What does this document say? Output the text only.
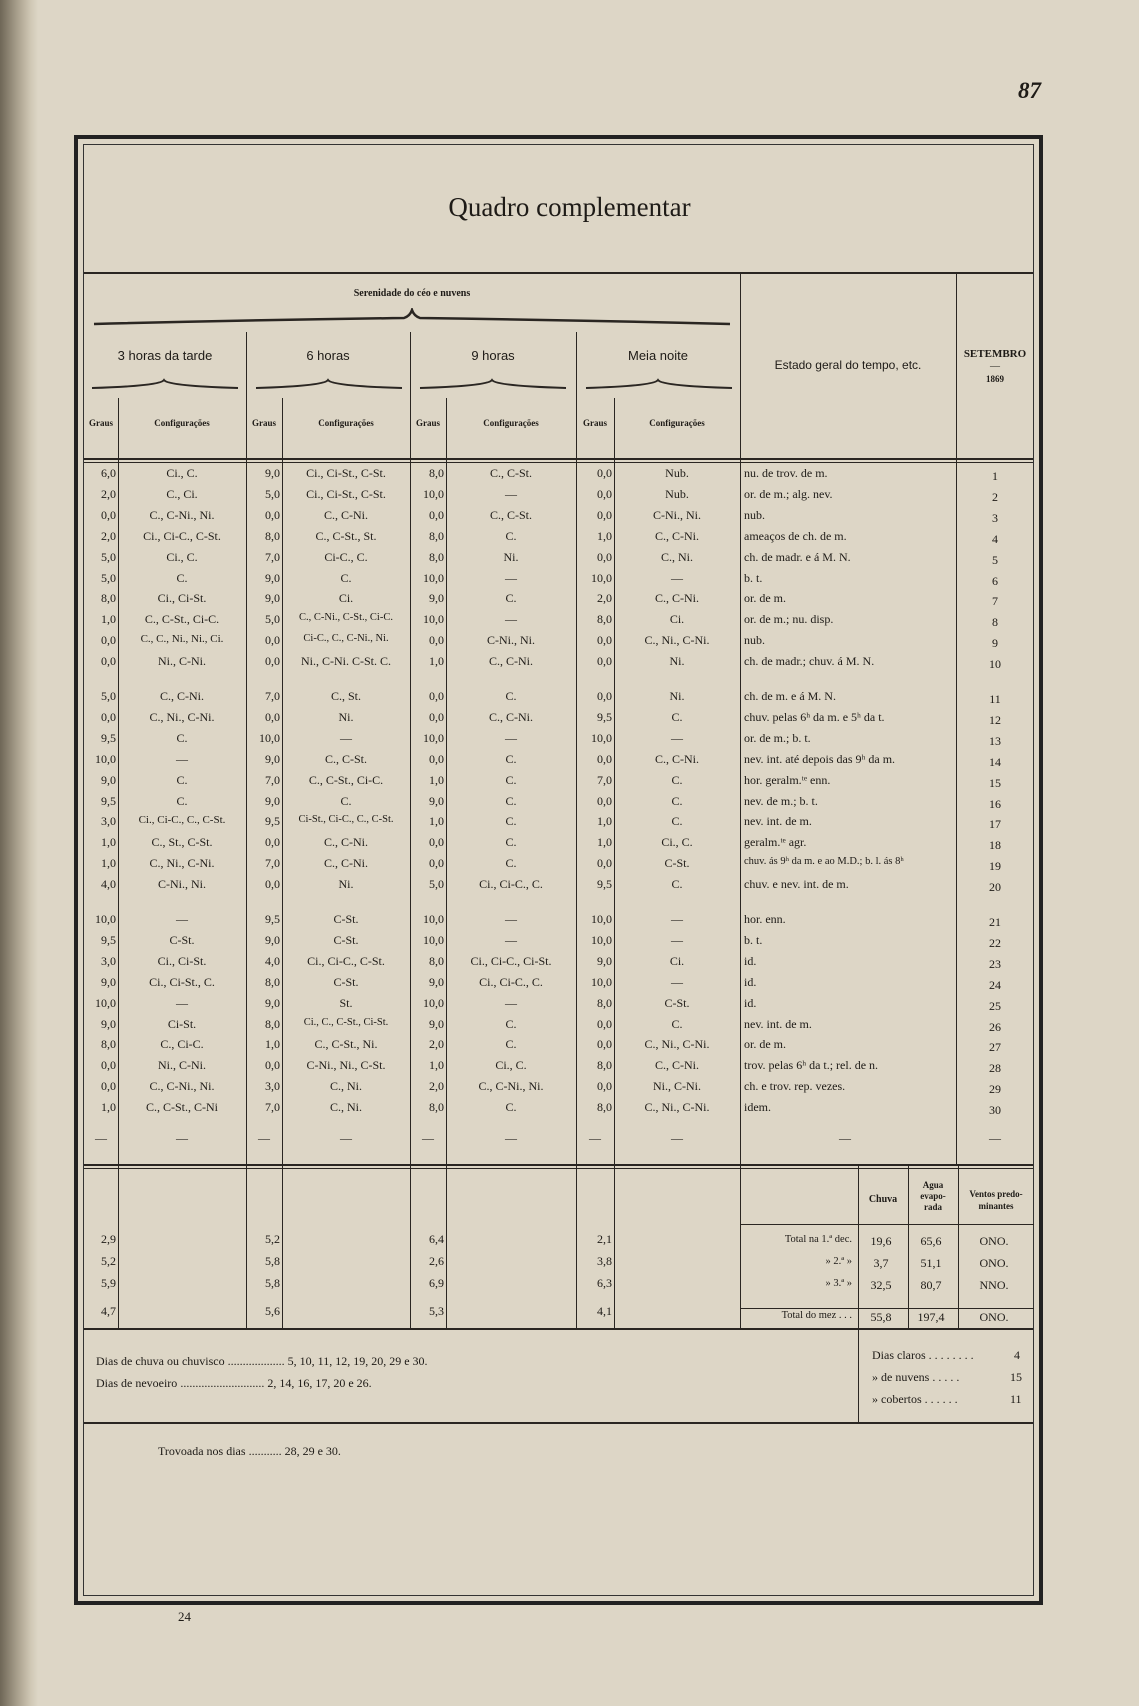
87
Quadro complementar
Serenidade do céo e nuvens
3 horas da tarde	6 horas	9 horas	Meia noite
Estado geral do tempo, etc.
SETEMBRO
—
1869
Graus	Configurações	Graus	Configurações	Graus	Configurações	Graus	Configurações
6,0	Ci., C.	9,0	Ci., Ci-St., C-St.	8,0	C., C-St.	0,0	Nub.	nu. de trov. de m.	1
2,0	C., Ci.	5,0	Ci., Ci-St., C-St.	10,0	—	0,0	Nub.	or. de m.; alg. nev.	2
0,0	C., C-Ni., Ni.	0,0	C., C-Ni.	0,0	C., C-St.	0,0	C-Ni., Ni.	nub.	3
2,0	Ci., Ci-C., C-St.	8,0	C., C-St., St.	8,0	C.	1,0	C., C-Ni.	ameaços de ch. de m.	4
5,0	Ci., C.	7,0	Ci-C., C.	8,0	Ni.	0,0	C., Ni.	ch. de madr. e á M. N.	5
5,0	C.	9,0	C.	10,0	—	10,0	—	b. t.	6
8,0	Ci., Ci-St.	9,0	Ci.	9,0	C.	2,0	C., C-Ni.	or. de m.	7
1,0	C., C-St., Ci-C.	5,0	C., C-Ni., C-St., Ci-C.	10,0	—	8,0	Ci.	or. de m.; nu. disp.	8
0,0	C., C., Ni., Ni., Ci.	0,0	Ci-C., C., C-Ni., Ni.	0,0	C-Ni., Ni.	0,0	C., Ni., C-Ni.	nub.	9
0,0	Ni., C-Ni.	0,0	Ni., C-Ni. C-St. C.	1,0	C., C-Ni.	0,0	Ni.	ch. de madr.; chuv. á M. N.	10
5,0	C., C-Ni.	7,0	C., St.	0,0	C.	0,0	Ni.	ch. de m. e á M. N.	11
0,0	C., Ni., C-Ni.	0,0	Ni.	0,0	C., C-Ni.	9,5	C.	chuv. pelas 6ʰ da m. e 5ʰ da t.	12
9,5	C.	10,0	—	10,0	—	10,0	—	or. de m.; b. t.	13
10,0	—	9,0	C., C-St.	0,0	C.	0,0	C., C-Ni.	nev. int. até depois das 9ʰ da m.	14
9,0	C.	7,0	C., C-St., Ci-C.	1,0	C.	7,0	C.	hor. geralm.ᵗᵉ enn.	15
9,5	C.	9,0	C.	9,0	C.	0,0	C.	nev. de m.; b. t.	16
3,0	Ci., Ci-C., C., C-St.	9,5	Ci-St., Ci-C., C., C-St.	1,0	C.	1,0	C.	nev. int. de m.	17
1,0	C., St., C-St.	0,0	C., C-Ni.	0,0	C.	1,0	Ci., C.	geralm.ᵗᵉ agr.	18
1,0	C., Ni., C-Ni.	7,0	C., C-Ni.	0,0	C.	0,0	C-St.	chuv. ás 9ʰ da m. e ao M.D.; b. l. ás 8ʰ	19
4,0	C-Ni., Ni.	0,0	Ni.	5,0	Ci., Ci-C., C.	9,5	C.	chuv. e nev. int. de m.	20
10,0	—	9,5	C-St.	10,0	—	10,0	—	hor. enn.	21
9,5	C-St.	9,0	C-St.	10,0	—	10,0	—	b. t.	22
3,0	Ci., Ci-St.	4,0	Ci., Ci-C., C-St.	8,0	Ci., Ci-C., Ci-St.	9,0	Ci.	id.	23
9,0	Ci., Ci-St., C.	8,0	C-St.	9,0	Ci., Ci-C., C.	10,0	—	id.	24
10,0	—	9,0	St.	10,0	—	8,0	C-St.	id.	25
9,0	Ci-St.	8,0	Ci., C., C-St., Ci-St.	9,0	C.	0,0	C.	nev. int. de m.	26
8,0	C., Ci-C.	1,0	C., C-St., Ni.	2,0	C.	0,0	C., Ni., C-Ni.	or. de m.	27
0,0	Ni., C-Ni.	0,0	C-Ni., Ni., C-St.	1,0	Ci., C.	8,0	C., C-Ni.	trov. pelas 6ʰ da t.; rel. de n.	28
0,0	C., C-Ni., Ni.	3,0	C., Ni.	2,0	C., C-Ni., Ni.	0,0	Ni., C-Ni.	ch. e trov. rep. vezes.	29
1,0	C., C-St., C-Ni	7,0	C., Ni.	8,0	C.	8,0	C., Ni., C-Ni.	idem.	30
—	—	—	—	—	—	—	—	—	—
Chuva
Agua
evapo-
rada
Ventos predo-
minantes
2,9	5,2	6,4	2,1
5,2	5,8	2,6	3,8
5,9	5,8	6,9	6,3
4,7	5,6	5,3	4,1
Total na 1.ª dec.	19,6	65,6	ONO.
» 2.ª »	3,7	51,1	ONO.
» 3.ª »	32,5	80,7	NNO.
Total do mez . . .	55,8	197,4	ONO.
Dias de chuva ou chuvisco ................... 5, 10, 11, 12, 19, 20, 29 e 30.
Dias de nevoeiro ............................ 2, 14, 16, 17, 20 e 26.
Dias claros . . . . . . . .	4
» de nuvens . . . . .	15
» cobertos . . . . . .	11
Trovoada nos dias ........... 28, 29 e 30.
24
